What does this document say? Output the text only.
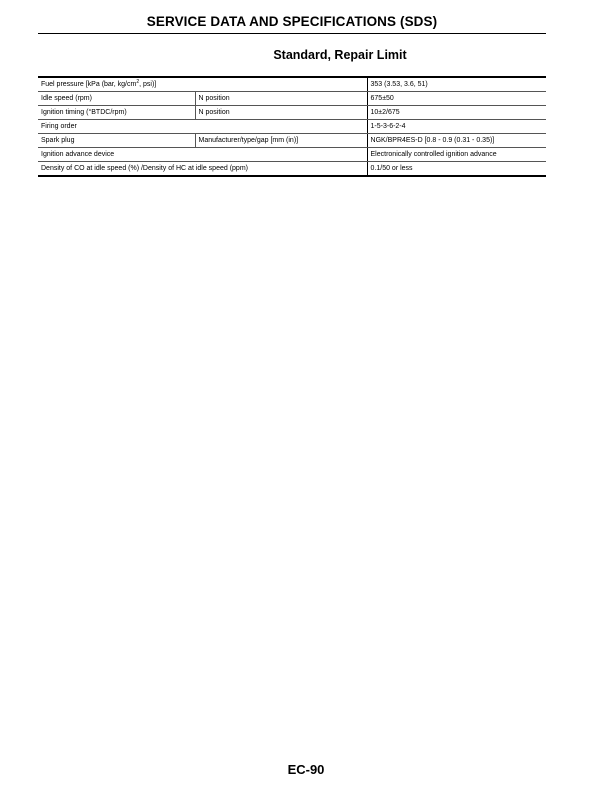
SERVICE DATA AND SPECIFICATIONS (SDS)
Standard, Repair Limit
Fuel pressure [kPa (bar, $kg/cm^2$, psi)]		353 (3.53, 3.6, 51)
Idle speed (rpm)	N position	675±50
Ignition timing (°BTDC/rpm)	N position	10±2/675
Firing order		1-5-3-6-2-4
Spark plug	Manufacturer/type/gap [mm (in)]	NGK/BPR4ES-D [0.8 - 0.9 (0.31 - 0.35)]
Ignition advance device		Electronically controlled ignition advance
Density of CO at idle speed (%) /Density of HC at idle speed (ppm)		0.1/50 or less
EC-90
